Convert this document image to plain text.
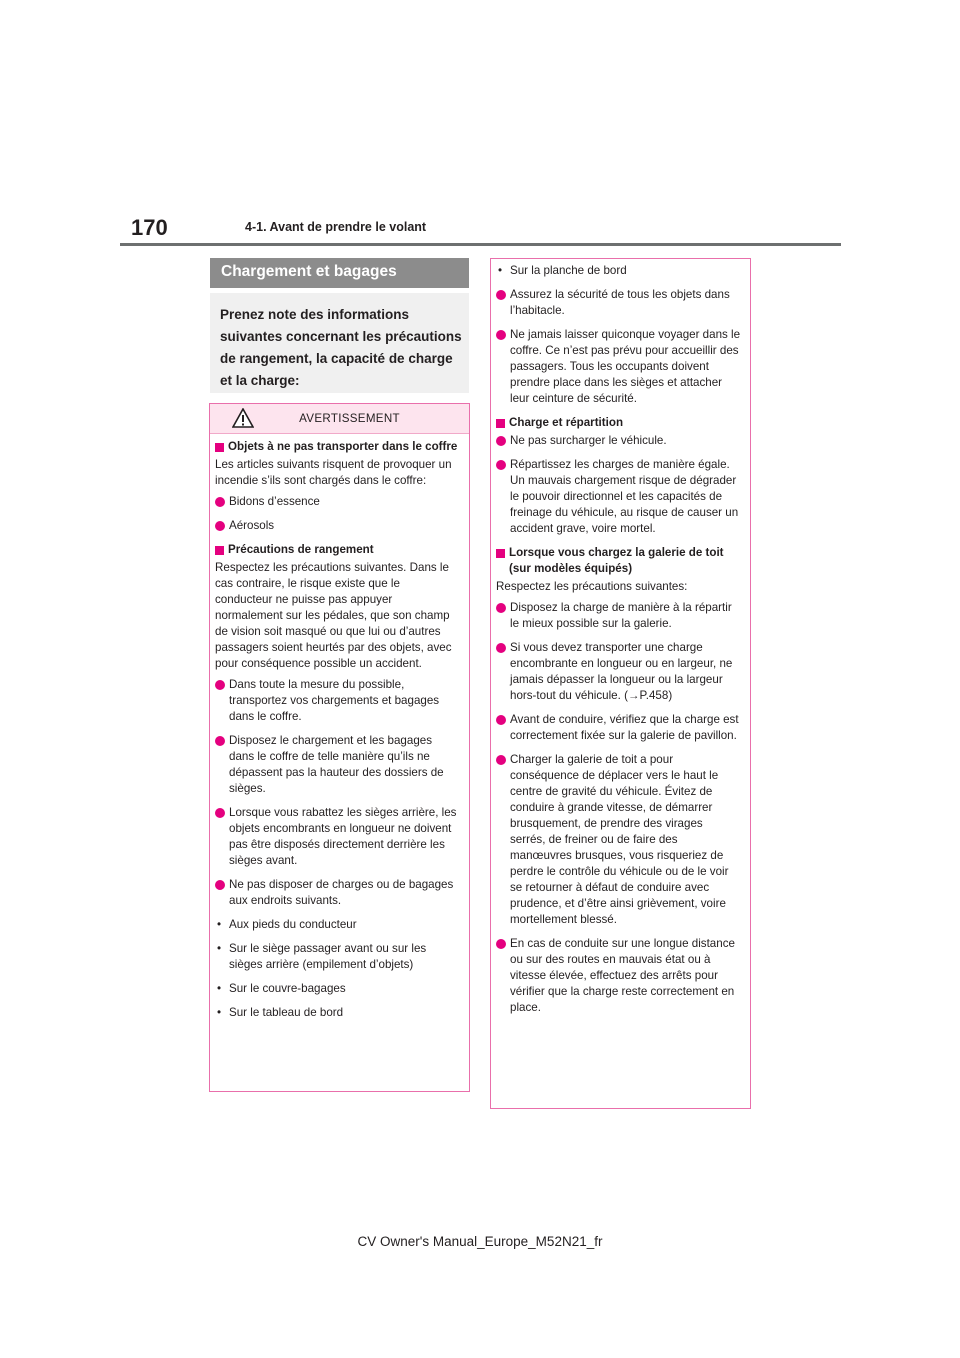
170	4-1. Avant de prendre le volant
Chargement et bagages

Prenez note des informations suivantes concernant les précautions de rangement, la capacité de charge et la charge:

AVERTISSEMENT
Objets à ne pas transporter dans le coffre
Les articles suivants risquent de provoquer un incendie s’ils sont chargés dans le coffre:
Bidons d’essence
Aérosols
Précautions de rangement
Respectez les précautions suivantes. Dans le cas contraire, le risque existe que le conducteur ne puisse pas appuyer normalement sur les pédales, que son champ de vision soit masqué ou que lui ou d’autres passagers soient heurtés par des objets, avec pour conséquence possible un accident.
Dans toute la mesure du possible, transportez vos chargements et bagages dans le coffre.
Disposez le chargement et les bagages dans le coffre de telle manière qu’ils ne dépassent pas la hauteur des dossiers de sièges.
Lorsque vous rabattez les sièges arrière, les objets encombrants en longueur ne doivent pas être disposés directement derrière les sièges avant.
Ne pas disposer de charges ou de bagages aux endroits suivants.
• Aux pieds du conducteur
• Sur le siège passager avant ou sur les sièges arrière (empilement d’objets)
• Sur le couvre-bagages
• Sur le tableau de bord
• Sur la planche de bord
Assurez la sécurité de tous les objets dans l’habitacle.
Ne jamais laisser quiconque voyager dans le coffre. Ce n’est pas prévu pour accueillir des passagers. Tous les occupants doivent prendre place dans les sièges et attacher leur ceinture de sécurité.
Charge et répartition
Ne pas surcharger le véhicule.
Répartissez les charges de manière égale. Un mauvais chargement risque de dégrader le pouvoir directionnel et les capacités de freinage du véhicule, au risque de causer un accident grave, voire mortel.
Lorsque vous chargez la galerie de toit (sur modèles équipés)
Respectez les précautions suivantes:
Disposez la charge de manière à la répartir le mieux possible sur la galerie.
Si vous devez transporter une charge encombrante en longueur ou en largeur, ne jamais dépasser la longueur ou la largeur hors-tout du véhicule. (→P.458)
Avant de conduire, vérifiez que la charge est correctement fixée sur la galerie de pavillon.
Charger la galerie de toit a pour conséquence de déplacer vers le haut le centre de gravité du véhicule. Évitez de conduire à grande vitesse, de démarrer brusquement, de prendre des virages serrés, de freiner ou de faire des manœuvres brusques, vous risqueriez de perdre le contrôle du véhicule ou de le voir se retourner à défaut de conduire avec prudence, et d’être ainsi grièvement, voire mortellement blessé.
En cas de conduite sur une longue distance ou sur des routes en mauvais état ou à vitesse élevée, effectuez des arrêts pour vérifier que la charge reste correctement en place.
CV Owner's Manual_Europe_M52N21_fr
